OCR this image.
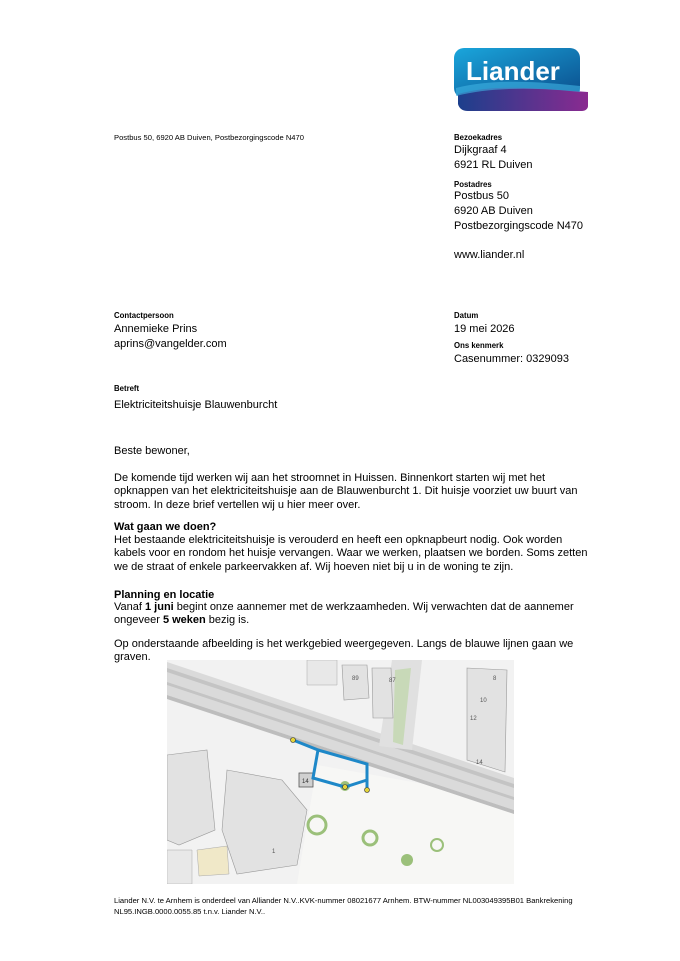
Liander
Postbus 50, 6920 AB Duiven, Postbezorgingscode N470	Bezoekadres
Dijkgraaf 4
6921 RL Duiven
Postadres
Postbus 50
6920 AB Duiven
Postbezorgingscode N470
www.liander.nl
Contactpersoon
Annemieke Prins
aprins@vangelder.com
Datum
19 mei 2026
Ons kenmerk
Casenummer: 0329093
Betreft
Elektriciteitshuisje Blauwenburcht
Beste bewoner,
De komende tijd werken wij aan het stroomnet in Huissen. Binnenkort starten wij met het opknappen van het elektriciteitshuisje aan de Blauwenburcht 1. Dit huisje voorziet uw buurt van stroom. In deze brief vertellen wij u hier meer over.
Wat gaan we doen?
Het bestaande elektriciteitshuisje is verouderd en heeft een opknapbeurt nodig. Ook worden kabels voor en rondom het huisje vervangen. Waar we werken, plaatsen we borden. Soms zetten we de straat of enkele parkeervakken af. Wij hoeven niet bij u in de woning te zijn.
Planning en locatie
Vanaf 1 juni begint onze aannemer met de werkzaamheden. Wij verwachten dat de aannemer ongeveer 5 weken bezig is.
Op onderstaande afbeelding is het werkgebied weergegeven. Langs de blauwe lijnen gaan we graven.
89	87	8
10
12
14
1
14
Liander N.V. te Arnhem is onderdeel van Alliander N.V..KVK-nummer 08021677 Arnhem. BTW-nummer NL003049395B01 Bankrekening
NL95.INGB.0000.0055.85 t.n.v. Liander N.V..
